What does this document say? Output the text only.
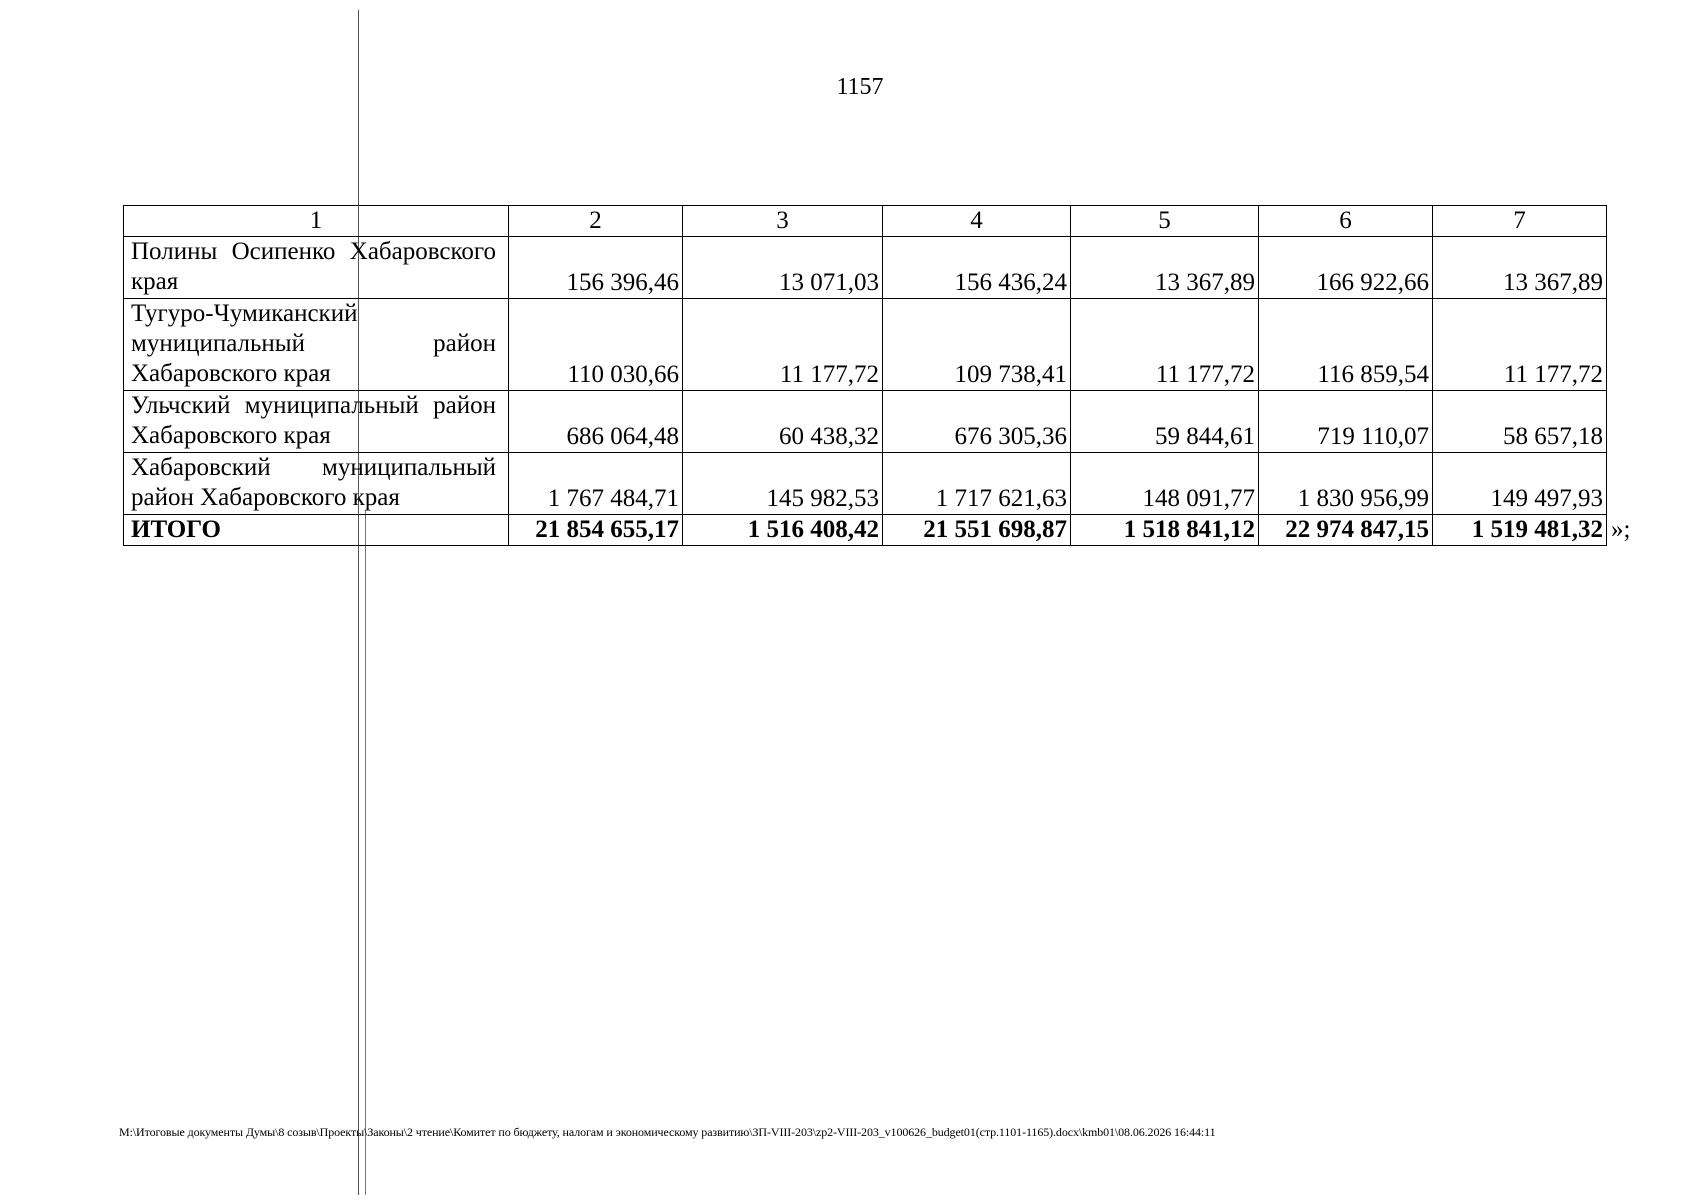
1157
1	2	3	4	5	6	7
Полины Осипенко Хабаровского края	156 396,46	13 071,03	156 436,24	13 367,89	166 922,66	13 367,89
Тугуро-Чумиканский муниципальный район Хабаровского края	110 030,66	11 177,72	109 738,41	11 177,72	116 859,54	11 177,72
Ульчский муниципальный район Хабаровского края	686 064,48	60 438,32	676 305,36	59 844,61	719 110,07	58 657,18
Хабаровский муниципальный район Хабаровского края	1 767 484,71	145 982,53	1 717 621,63	148 091,77	1 830 956,99	149 497,93
ИТОГО	21 854 655,17	1 516 408,42	21 551 698,87	1 518 841,12	22 974 847,15	1 519 481,32 »;
M:\Итоговые документы Думы\8 созыв\Проекты\Законы\2 чтение\Комитет по бюджету, налогам и экономическому развитию\ЗП-VIII-203\zp2-VIII-203_v100626_budget01(стр.1101-1165).docx\kmb01\08.06.2026 16:44:11
